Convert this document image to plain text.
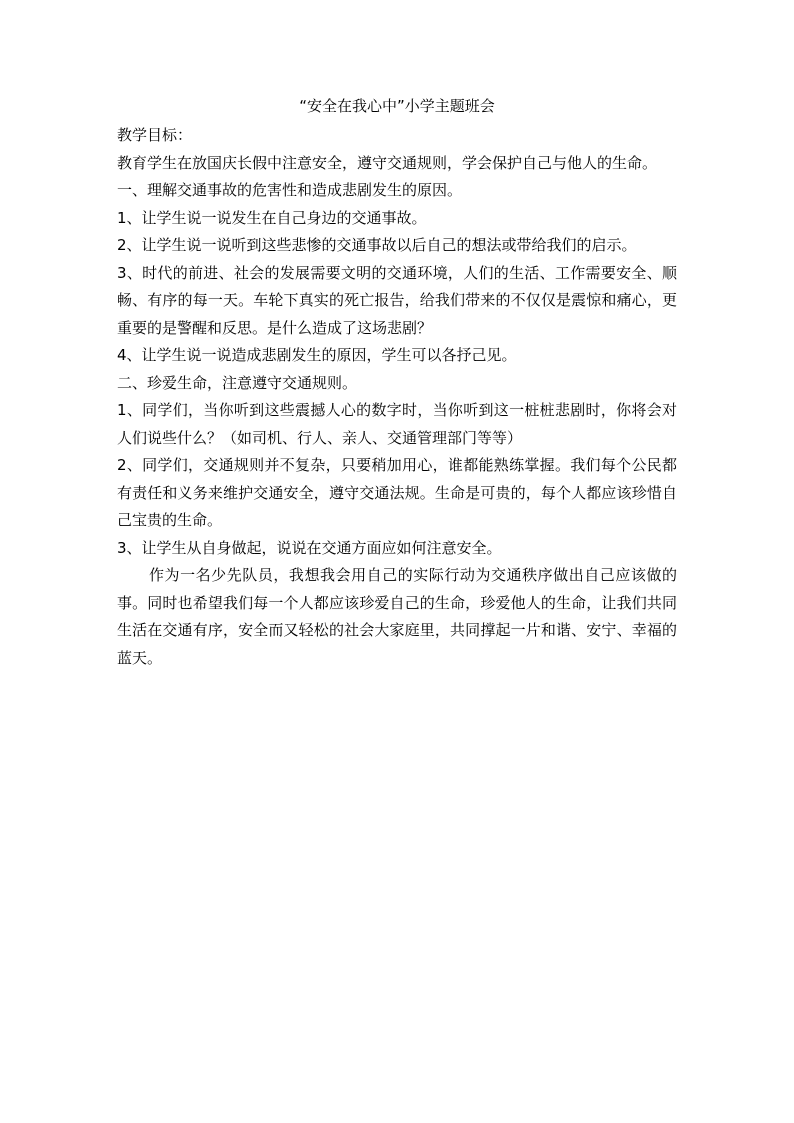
“安全在我心中”小学主题班会

教学目标：

教育学生在放国庆长假中注意安全，遵守交通规则，学会保护自己与他人的生命。

一、理解交通事故的危害性和造成悲剧发生的原因。

1、让学生说一说发生在自己身边的交通事故。

2、让学生说一说听到这些悲惨的交通事故以后自己的想法或带给我们的启示。

3、时代的前进、社会的发展需要文明的交通环境，人们的生活、工作需要安全、顺畅、有序的每一天。车轮下真实的死亡报告，给我们带来的不仅仅是震惊和痛心，更重要的是警醒和反思。是什么造成了这场悲剧？

4、让学生说一说造成悲剧发生的原因，学生可以各抒己见。

二、珍爱生命，注意遵守交通规则。

1、同学们，当你听到这些震撼人心的数字时，当你听到这一桩桩悲剧时，你将会对人们说些什么？（如司机、行人、亲人、交通管理部门等等）

2、同学们，交通规则并不复杂，只要稍加用心，谁都能熟练掌握。我们每个公民都有责任和义务来维护交通安全，遵守交通法规。生命是可贵的，每个人都应该珍惜自己宝贵的生命。

3、让学生从自身做起，说说在交通方面应如何注意安全。

作为一名少先队员，我想我会用自己的实际行动为交通秩序做出自己应该做的事。同时也希望我们每一个人都应该珍爱自己的生命，珍爱他人的生命，让我们共同生活在交通有序，安全而又轻松的社会大家庭里，共同撑起一片和谐、安宁、幸福的蓝天。
